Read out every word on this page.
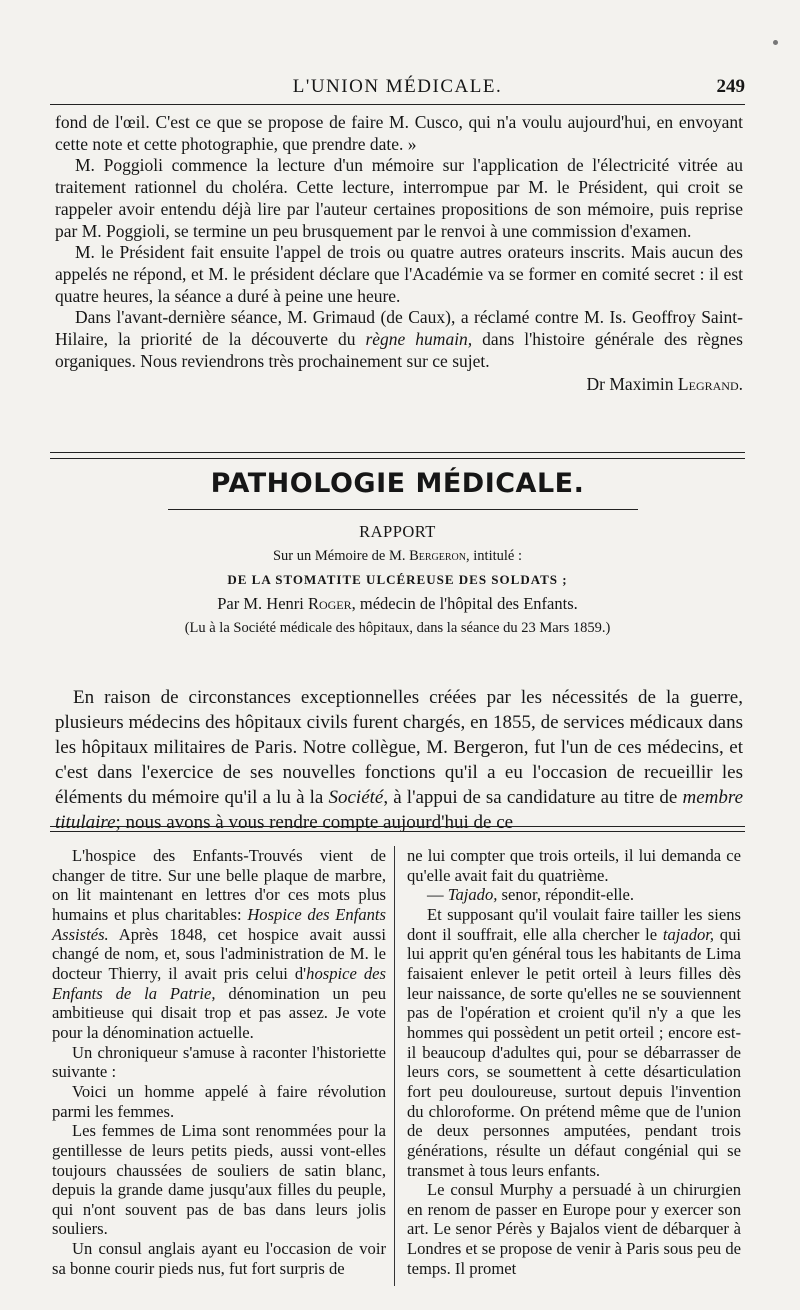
L'UNION MÉDICALE.	249

fond de l'œil. C'est ce que se propose de faire M. Cusco, qui n'a voulu aujourd'hui, en envoyant cette note et cette photographie, que prendre date. »

M. Poggioli commence la lecture d'un mémoire sur l'application de l'électricité vitrée au traitement rationnel du choléra. Cette lecture, interrompue par M. le Président, qui croit se rappeler avoir entendu déjà lire par l'auteur certaines propositions de son mémoire, puis reprise par M. Poggioli, se termine un peu brusquement par le renvoi à une commission d'examen.

M. le Président fait ensuite l'appel de trois ou quatre autres orateurs inscrits. Mais aucun des appelés ne répond, et M. le président déclare que l'Académie va se former en comité secret : il est quatre heures, la séance a duré à peine une heure.

Dans l'avant-dernière séance, M. Grimaud (de Caux), a réclamé contre M. Is. Geoffroy Saint-Hilaire, la priorité de la découverte du règne humain, dans l'histoire générale des règnes organiques. Nous reviendrons très prochainement sur ce sujet.

Dr Maximin Legrand.

PATHOLOGIE MÉDICALE.
RAPPORT
Sur un Mémoire de M. Bergeron, intitulé :
DE LA STOMATITE ULCÉREUSE DES SOLDATS ;
Par M. Henri Roger, médecin de l'hôpital des Enfants.
(Lu à la Société médicale des hôpitaux, dans la séance du 23 Mars 1859.)

En raison de circonstances exceptionnelles créées par les nécessités de la guerre, plusieurs médecins des hôpitaux civils furent chargés, en 1855, de services médicaux dans les hôpitaux militaires de Paris. Notre collègue, M. Bergeron, fut l'un de ces médecins, et c'est dans l'exercice de ses nouvelles fonctions qu'il a eu l'occasion de recueillir les éléments du mémoire qu'il a lu à la Société, à l'appui de sa candidature au titre de membre titulaire; nous avons à vous rendre compte aujourd'hui de ce

L'hospice des Enfants-Trouvés vient de changer de titre. Sur une belle plaque de marbre, on lit maintenant en lettres d'or ces mots plus humains et plus charitables: Hospice des Enfants Assistés. Après 1848, cet hospice avait aussi changé de nom, et, sous l'administration de M. le docteur Thierry, il avait pris celui d'hospice des Enfants de la Patrie, dénomination un peu ambitieuse qui disait trop et pas assez. Je vote pour la dénomination actuelle.

Un chroniqueur s'amuse à raconter l'historiette suivante :

Voici un homme appelé à faire révolution parmi les femmes.

Les femmes de Lima sont renommées pour la gentillesse de leurs petits pieds, aussi vont-elles toujours chaussées de souliers de satin blanc, depuis la grande dame jusqu'aux filles du peuple, qui n'ont souvent pas de bas dans leurs jolis souliers.

Un consul anglais ayant eu l'occasion de voir sa bonne courir pieds nus, fut fort surpris de

ne lui compter que trois orteils, il lui demanda ce qu'elle avait fait du quatrième.

— Tajado, senor, répondit-elle.

Et supposant qu'il voulait faire tailler les siens dont il souffrait, elle alla chercher le tajador, qui lui apprit qu'en général tous les habitants de Lima faisaient enlever le petit orteil à leurs filles dès leur naissance, de sorte qu'elles ne se souviennent pas de l'opération et croient qu'il n'y a que les hommes qui possèdent un petit orteil ; encore est-il beaucoup d'adultes qui, pour se débarrasser de leurs cors, se soumettent à cette désarticulation fort peu douloureuse, surtout depuis l'invention du chloroforme. On prétend même que de l'union de deux personnes amputées, pendant trois générations, résulte un défaut congénial qui se transmet à tous leurs enfants.

Le consul Murphy a persuadé à un chirurgien en renom de passer en Europe pour y exercer son art. Le senor Pérès y Bajalos vient de débarquer à Londres et se propose de venir à Paris sous peu de temps. Il promet
